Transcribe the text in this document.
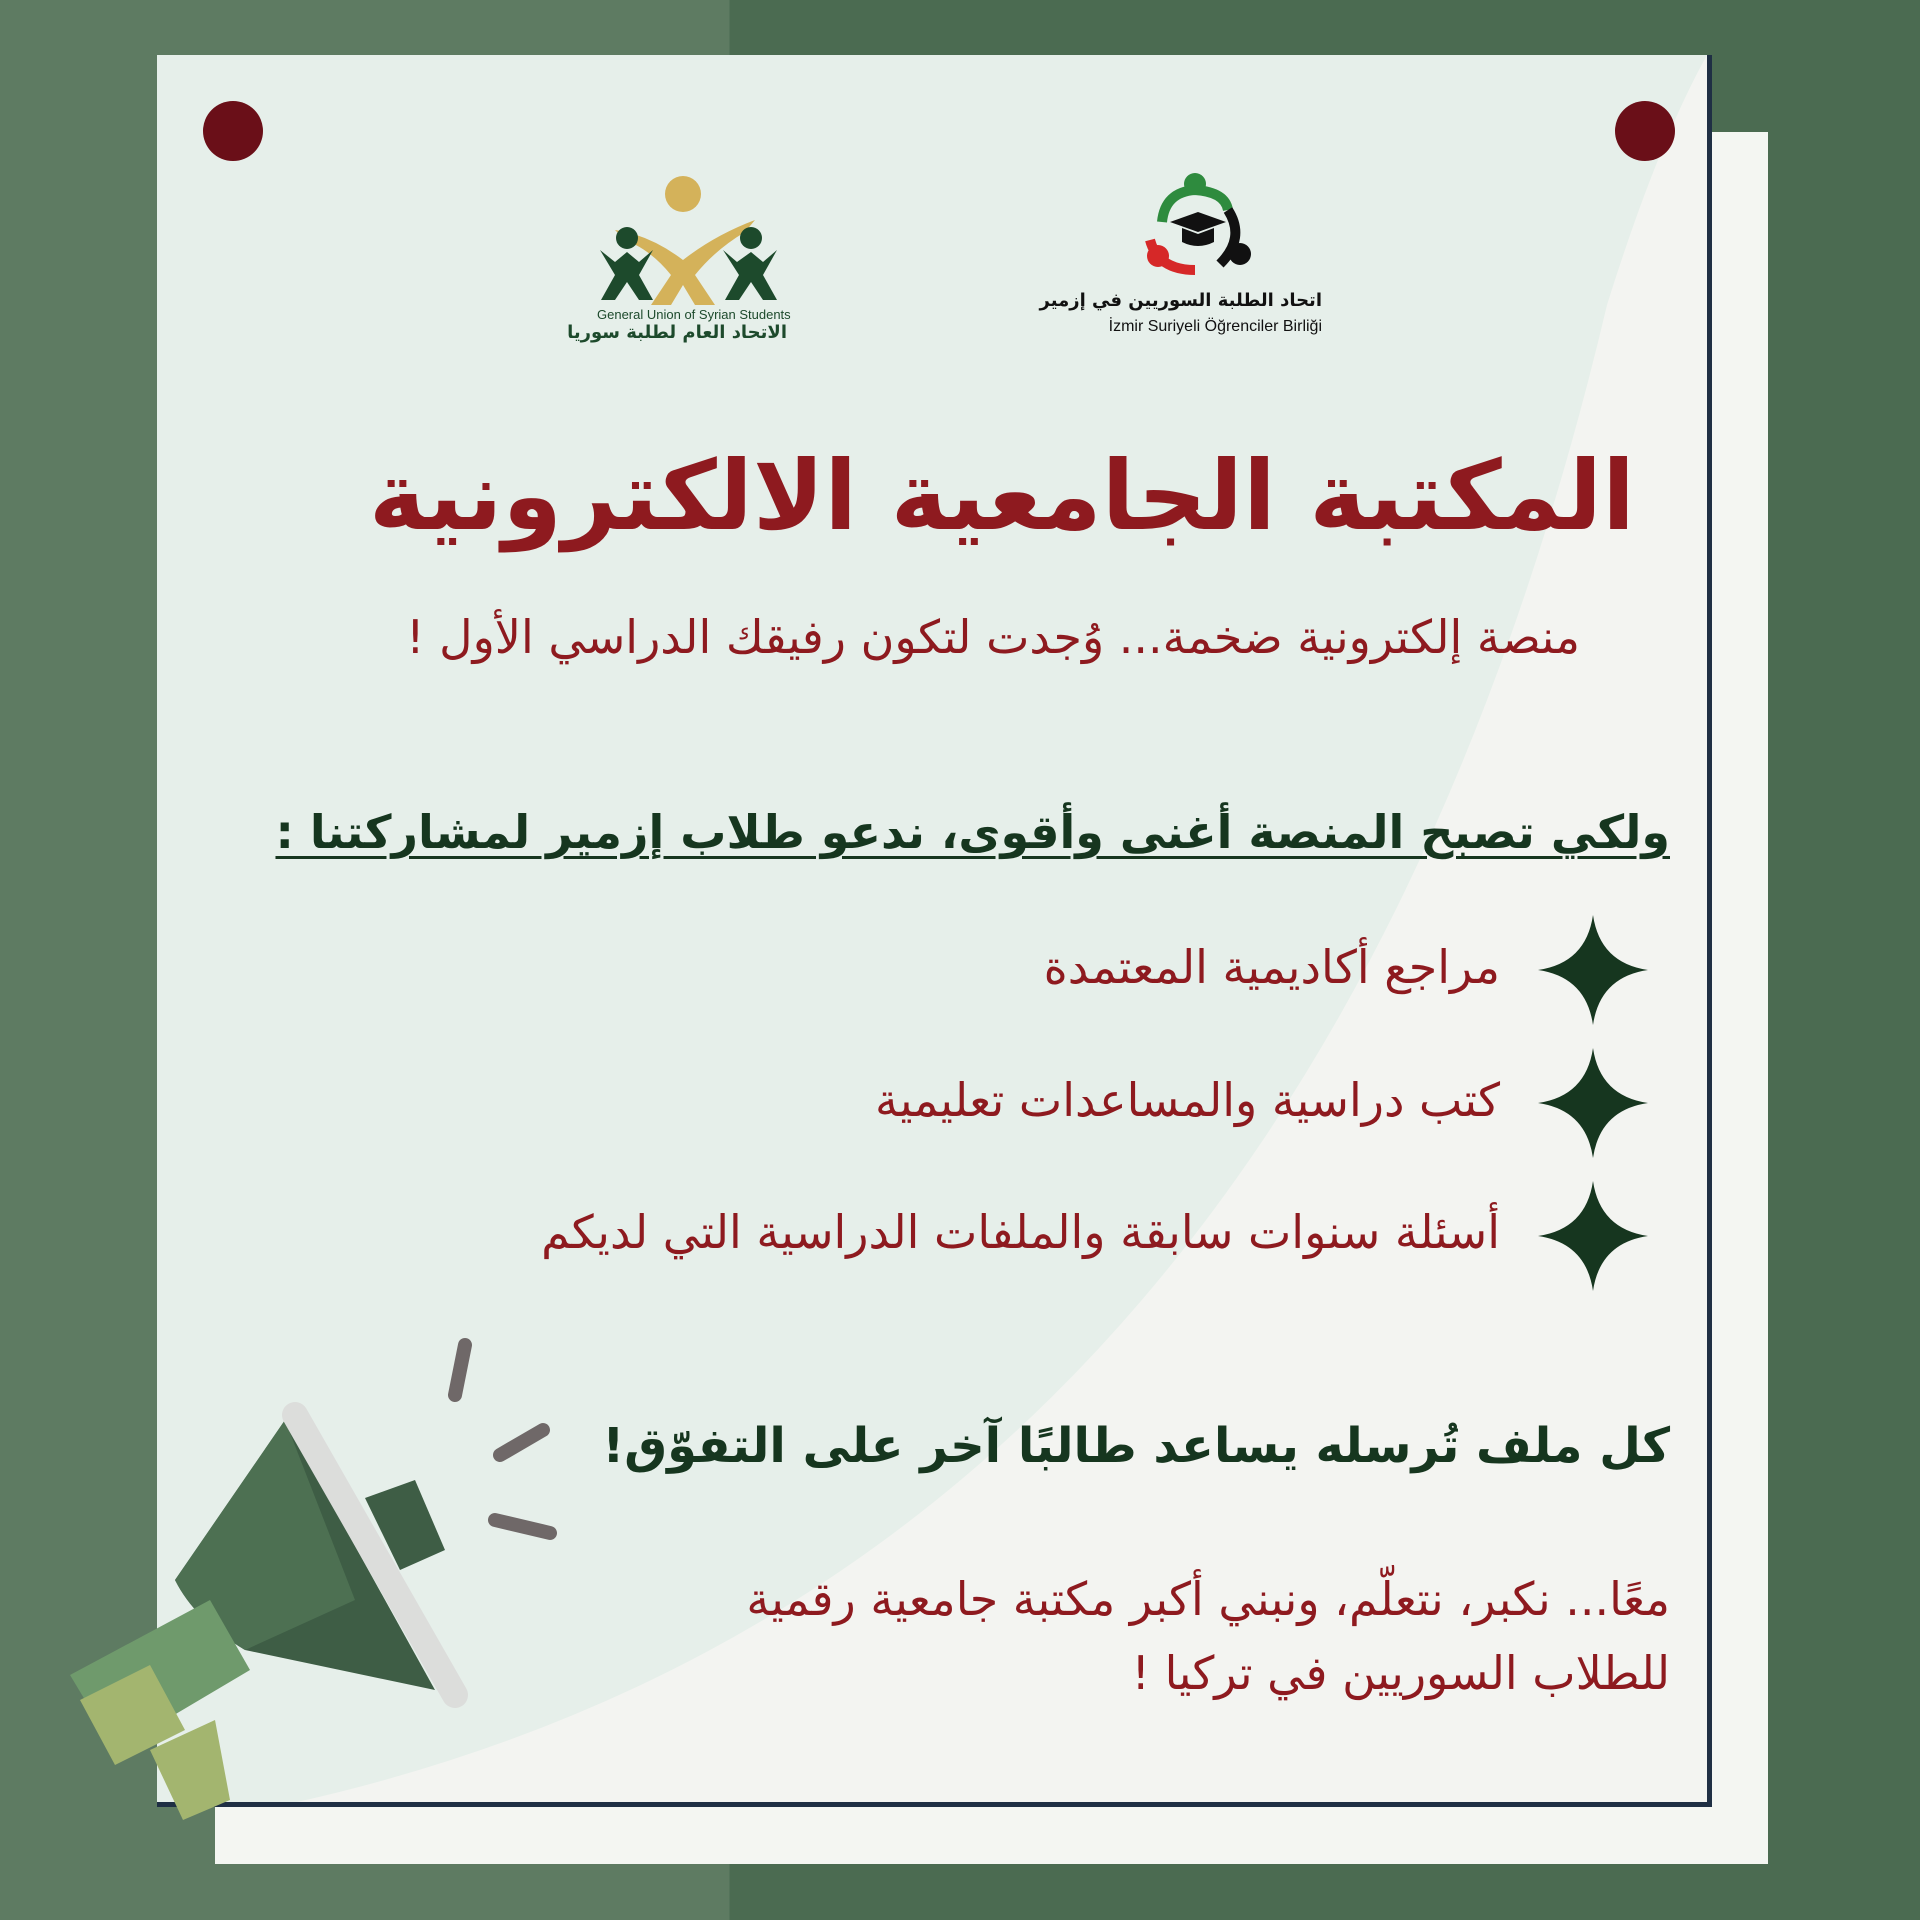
General Union of Syrian Students
الاتحاد العام لطلبة سوريا
اتحاد الطلبة السوريين في إزمير
İzmir Suriyeli Öğrenciler Birliği
المكتبة الجامعية الالكترونية
منصة إلكترونية ضخمة... وُجدت لتكون رفيقك الدراسي الأول !
ولكي تصبح المنصة أغنى وأقوى، ندعو طلاب إزمير لمشاركتنا :
مراجع أكاديمية المعتمدة
كتب دراسية والمساعدات تعليمية
أسئلة سنوات سابقة والملفات الدراسية التي لديكم
كل ملف تُرسله يساعد طالبًا آخر على التفوّق!
معًا... نكبر، نتعلّم، ونبني أكبر مكتبة جامعية رقمية
للطلاب السوريين في تركيا !
